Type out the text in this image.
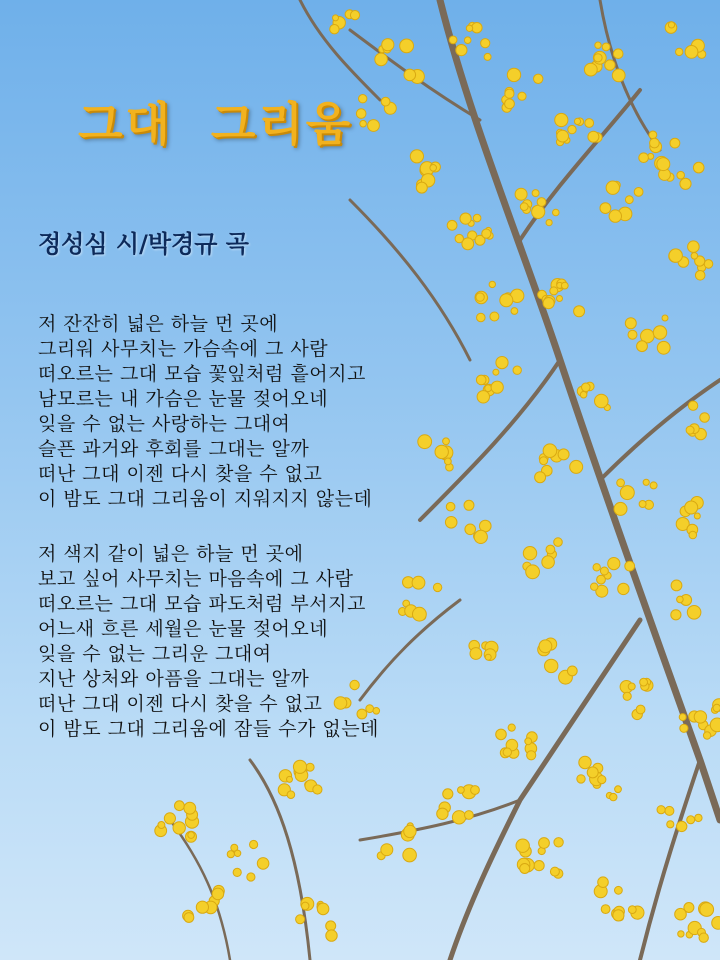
그대  그리움
정성심 시/박경규 곡
저 잔잔히 넓은 하늘 먼 곳에
그리워 사무치는 가슴속에 그 사람
떠오르는 그대 모습 꽃잎처럼 흩어지고
남모르는 내 가슴은 눈물 젖어오네
잊을 수 없는 사랑하는 그대여
슬픈 과거와 후회를 그대는 알까
떠난 그대 이젠 다시 찾을 수 없고
이 밤도 그대 그리움이 지워지지 않는데
저 색지 같이 넓은 하늘 먼 곳에
보고 싶어 사무치는 마음속에 그 사람
떠오르는 그대 모습 파도처럼 부서지고
어느새 흐른 세월은 눈물 젖어오네
잊을 수 없는 그리운 그대여
지난 상처와 아픔을 그대는 알까
떠난 그대 이젠 다시 찾을 수 없고
이 밤도 그대 그리움에 잠들 수가 없는데
